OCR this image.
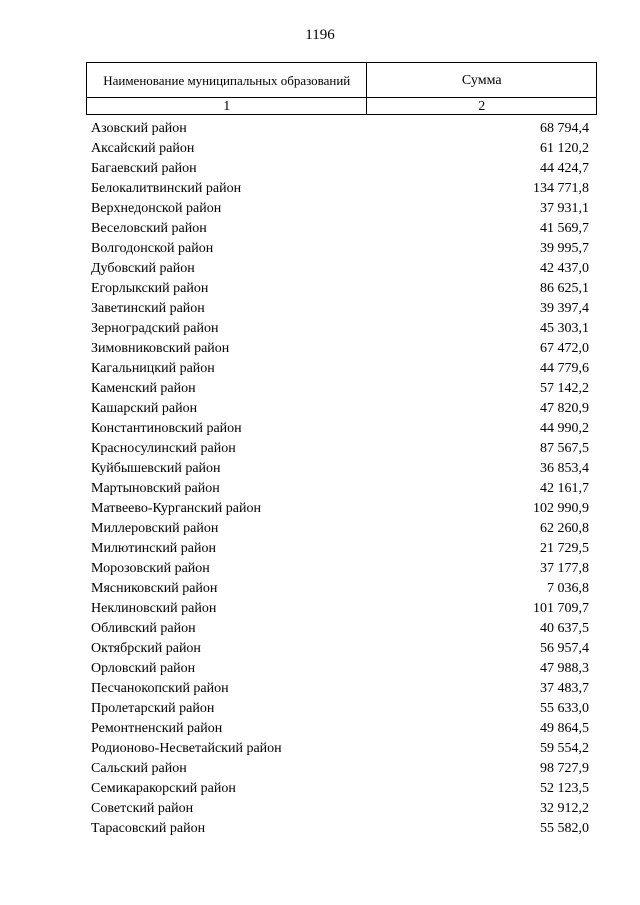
1196
Наименование муниципальных образований	Сумма
1	2
Азовский район	68 794,4
Аксайский район	61 120,2
Багаевский район	44 424,7
Белокалитвинский район	134 771,8
Верхнедонской район	37 931,1
Веселовский район	41 569,7
Волгодонской район	39 995,7
Дубовский район	42 437,0
Егорлыкский район	86 625,1
Заветинский район	39 397,4
Зерноградский район	45 303,1
Зимовниковский район	67 472,0
Кагальницкий район	44 779,6
Каменский район	57 142,2
Кашарский район	47 820,9
Константиновский район	44 990,2
Красносулинский район	87 567,5
Куйбышевский район	36 853,4
Мартыновский район	42 161,7
Матвеево-Курганский район	102 990,9
Миллеровский район	62 260,8
Милютинский район	21 729,5
Морозовский район	37 177,8
Мясниковский район	7 036,8
Неклиновский район	101 709,7
Обливский район	40 637,5
Октябрский район	56 957,4
Орловский район	47 988,3
Песчанокопский район	37 483,7
Пролетарский район	55 633,0
Ремонтненский район	49 864,5
Родионово-Несветайский район	59 554,2
Сальский район	98 727,9
Семикаракорский район	52 123,5
Советский район	32 912,2
Тарасовский район	55 582,0
